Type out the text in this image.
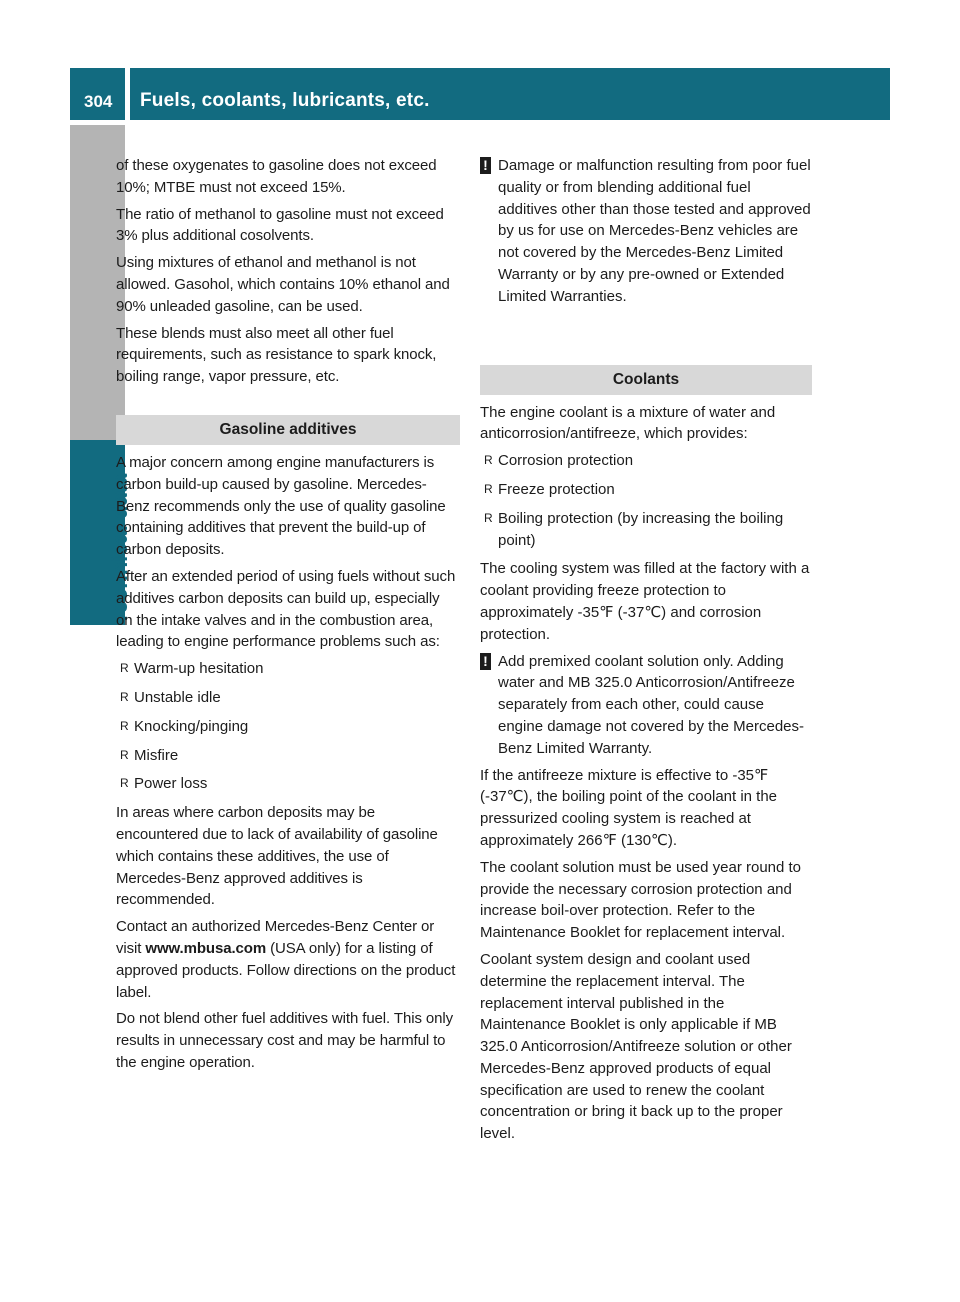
304 Fuels, coolants, lubricants, etc.
Technical data

of these oxygenates to gasoline does not exceed 10%; MTBE must not exceed 15%.

The ratio of methanol to gasoline must not exceed 3% plus additional cosolvents.

Using mixtures of ethanol and methanol is not allowed. Gasohol, which contains 10% ethanol and 90% unleaded gasoline, can be used.

These blends must also meet all other fuel requirements, such as resistance to spark knock, boiling range, vapor pressure, etc.

Gasoline additives

A major concern among engine manufacturers is carbon build-up caused by gasoline. Mercedes-Benz recommends only the use of quality gasoline containing additives that prevent the build-up of carbon deposits.

After an extended period of using fuels without such additives carbon deposits can build up, especially on the intake valves and in the combustion area, leading to engine performance problems such as:

R Warm-up hesitation
R Unstable idle
R Knocking/pinging
R Misfire
R Power loss

In areas where carbon deposits may be encountered due to lack of availability of gasoline which contains these additives, the use of Mercedes-Benz approved additives is recommended.

Contact an authorized Mercedes-Benz Center or visit www.mbusa.com (USA only) for a listing of approved products. Follow directions on the product label.

Do not blend other fuel additives with fuel. This only results in unnecessary cost and may be harmful to the engine operation.

! Damage or malfunction resulting from poor fuel quality or from blending additional fuel additives other than those tested and approved by us for use on Mercedes-Benz vehicles are not covered by the Mercedes-Benz Limited Warranty or by any pre-owned or Extended Limited Warranties.
Coolants

The engine coolant is a mixture of water and anticorrosion/antifreeze, which provides:

R Corrosion protection
R Freeze protection
R Boiling protection (by increasing the boiling point)

The cooling system was filled at the factory with a coolant providing freeze protection to approximately -35℉ (-37℃) and corrosion protection.

! Add premixed coolant solution only. Adding water and MB 325.0 Anticorrosion/Antifreeze separately from each other, could cause engine damage not covered by the Mercedes-Benz Limited Warranty.

If the antifreeze mixture is effective to -35℉ (-37℃), the boiling point of the coolant in the pressurized cooling system is reached at approximately 266℉ (130℃).

The coolant solution must be used year round to provide the necessary corrosion protection and increase boil-over protection. Refer to the Maintenance Booklet for replacement interval.

Coolant system design and coolant used determine the replacement interval. The replacement interval published in the Maintenance Booklet is only applicable if MB 325.0 Anticorrosion/Antifreeze solution or other Mercedes-Benz approved products of equal specification are used to renew the coolant concentration or bring it back up to the proper level.
